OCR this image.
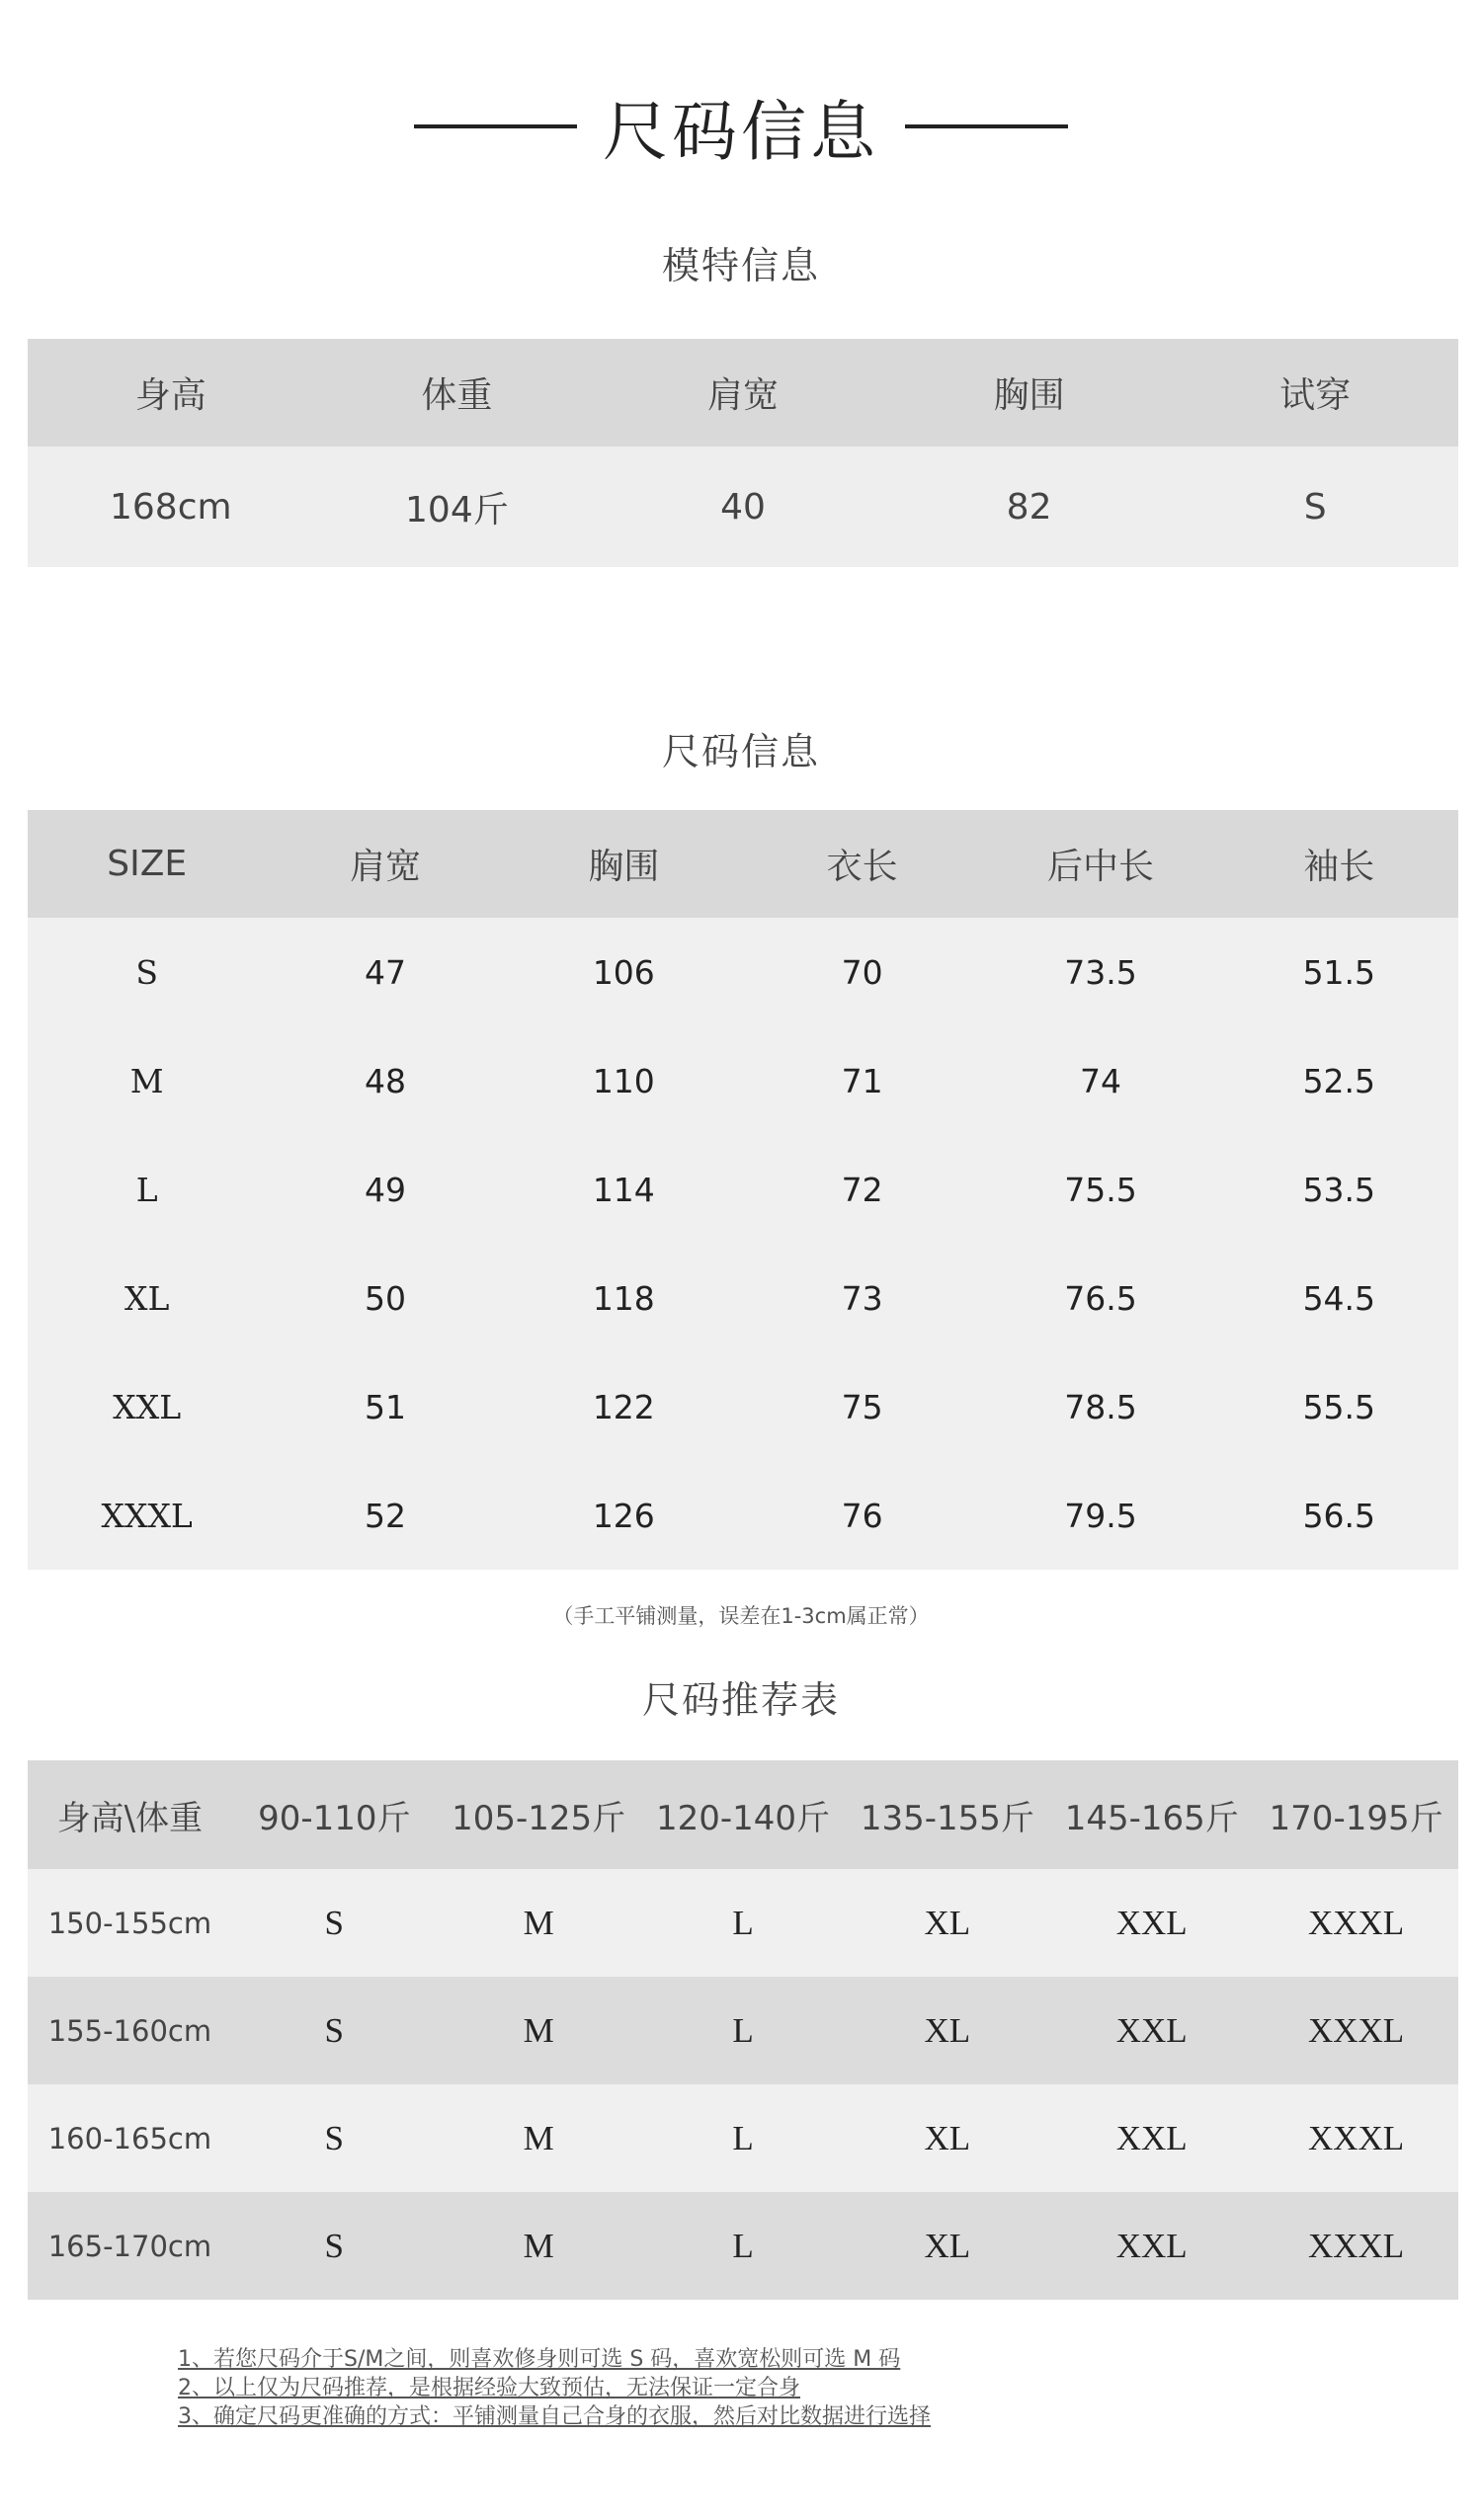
尺码信息
模特信息
身高	体重	肩宽	胸围	试穿
168cm	104斤	40	82	S
尺码信息
SIZE	肩宽	胸围	衣长	后中长	袖长
S	47	106	70	73.5	51.5
M	48	110	71	74	52.5
L	49	114	72	75.5	53.5
XL	50	118	73	76.5	54.5
XXL	51	122	75	78.5	55.5
XXXL	52	126	76	79.5	56.5
（手工平铺测量，误差在1-3cm属正常）
尺码推荐表
身高\体重	90-110斤	105-125斤 120-140斤 135-155斤 145-165斤 170-195斤
150-155cm	S	M	L	XL	XXL	XXXL
155-160cm	S	M	L	XL	XXL	XXXL
160-165cm	S	M	L	XL	XXL	XXXL
165-170cm	S	M	L	XL	XXL	XXXL
1、若您尺码介于S/M之间，则喜欢修身则可选 S 码，喜欢宽松则可选 M 码
2、以上仅为尺码推荐，是根据经验大致预估，无法保证一定合身
3、确定尺码更准确的方式：平铺测量自己合身的衣服，然后对比数据进行选择
